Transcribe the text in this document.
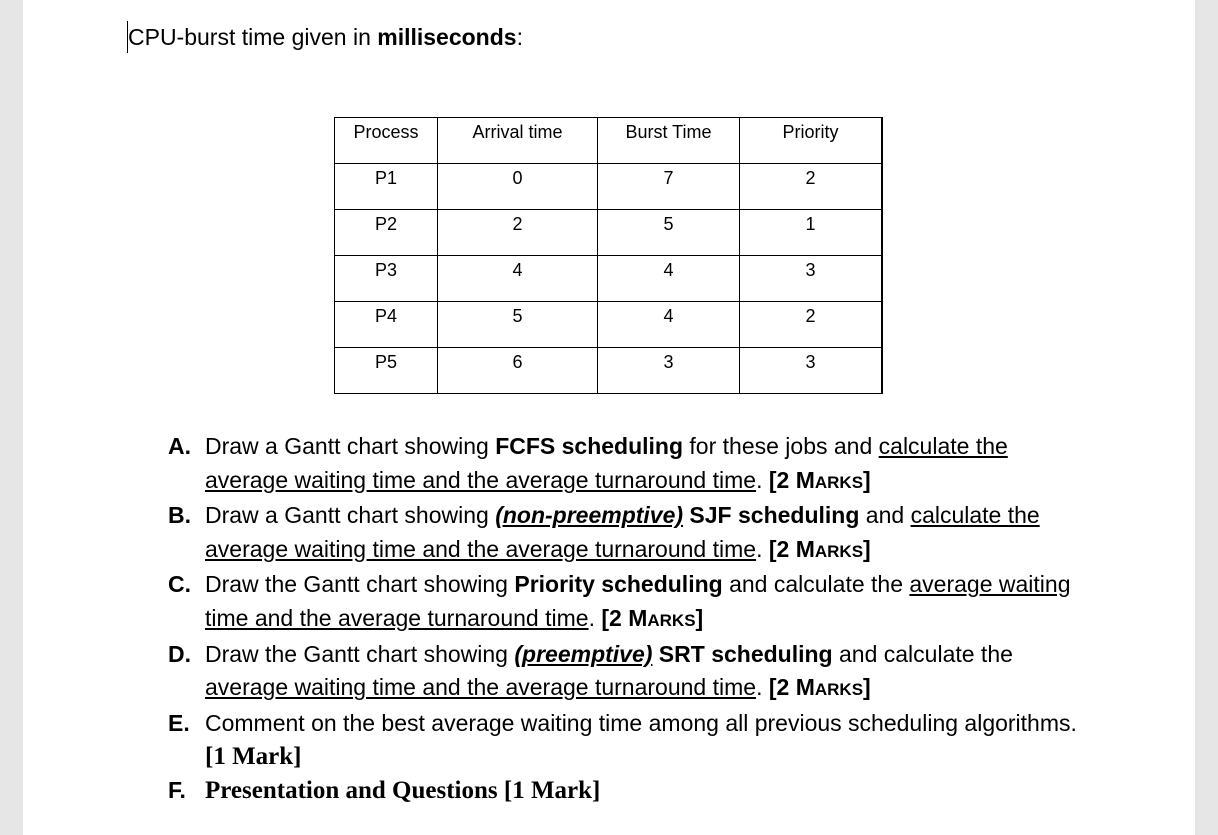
CPU-burst time given in milliseconds:
Process	Arrival time	Burst Time	Priority
P1	0	7	2
P2	2	5	1
P3	4	4	3
P4	5	4	2
P5	6	3	3
A. Draw a Gantt chart showing FCFS scheduling for these jobs and calculate the average waiting time and the average turnaround time. [2 MARKS]
B. Draw a Gantt chart showing (non-preemptive) SJF scheduling and calculate the average waiting time and the average turnaround time. [2 MARKS]
C. Draw the Gantt chart showing Priority scheduling and calculate the average waiting time and the average turnaround time. [2 MARKS]
D. Draw the Gantt chart showing (preemptive) SRT scheduling and calculate the average waiting time and the average turnaround time. [2 MARKS]
E. Comment on the best average waiting time among all previous scheduling algorithms. [1 Mark]
F. Presentation and Questions [1 Mark]
